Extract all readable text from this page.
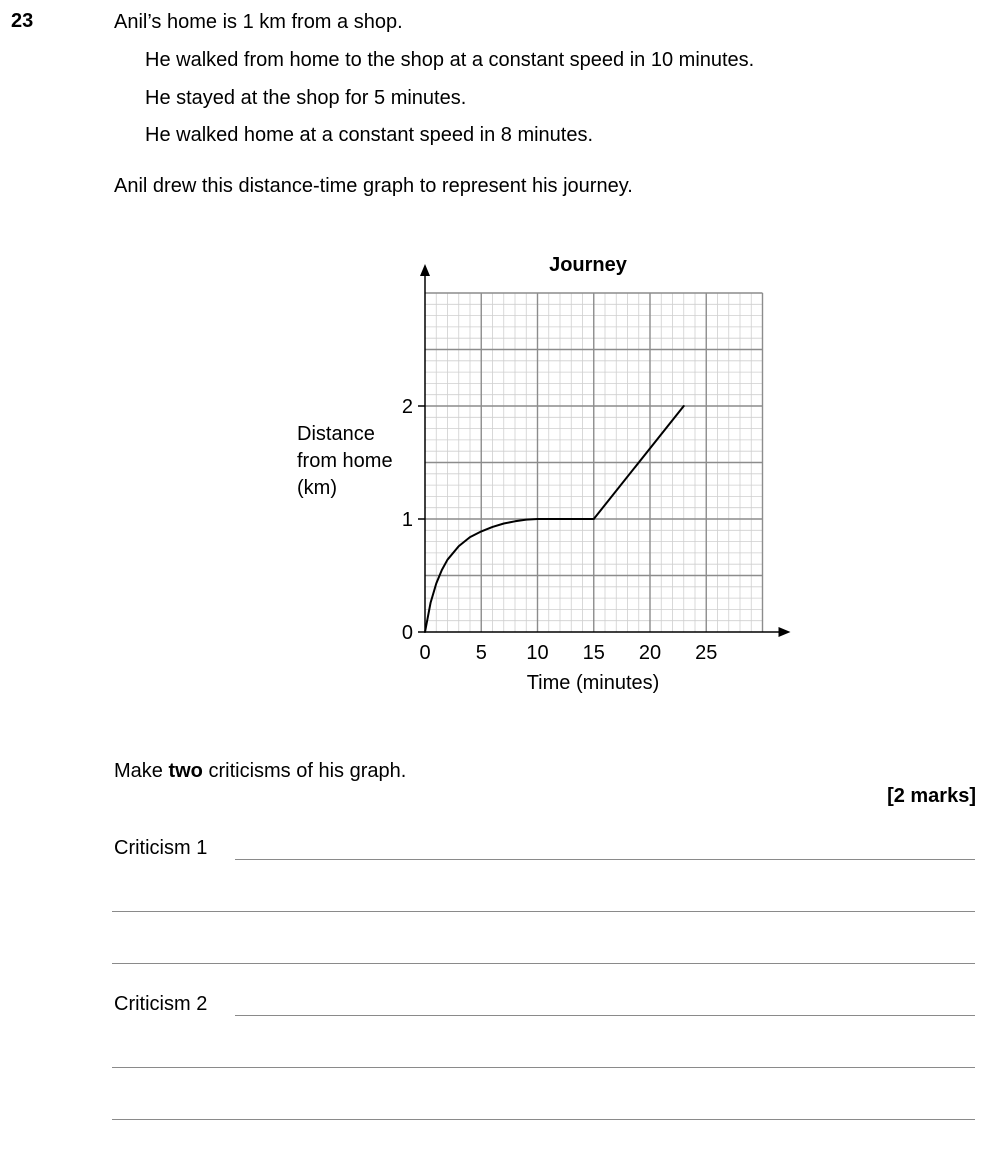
23	Anil’s home is 1 km from a shop.
He walked from home to the shop at a constant speed in 10 minutes.
He stayed at the shop for 5 minutes.
He walked home at a constant speed in 8 minutes.
Anil drew this distance-time graph to represent his journey.
0
1
2
0 5 10 15 20 25
Journey
Distance
from home
(km)
Time (minutes)
Make two criticisms of his graph.
[2 marks]
Criticism 1
Criticism 2
